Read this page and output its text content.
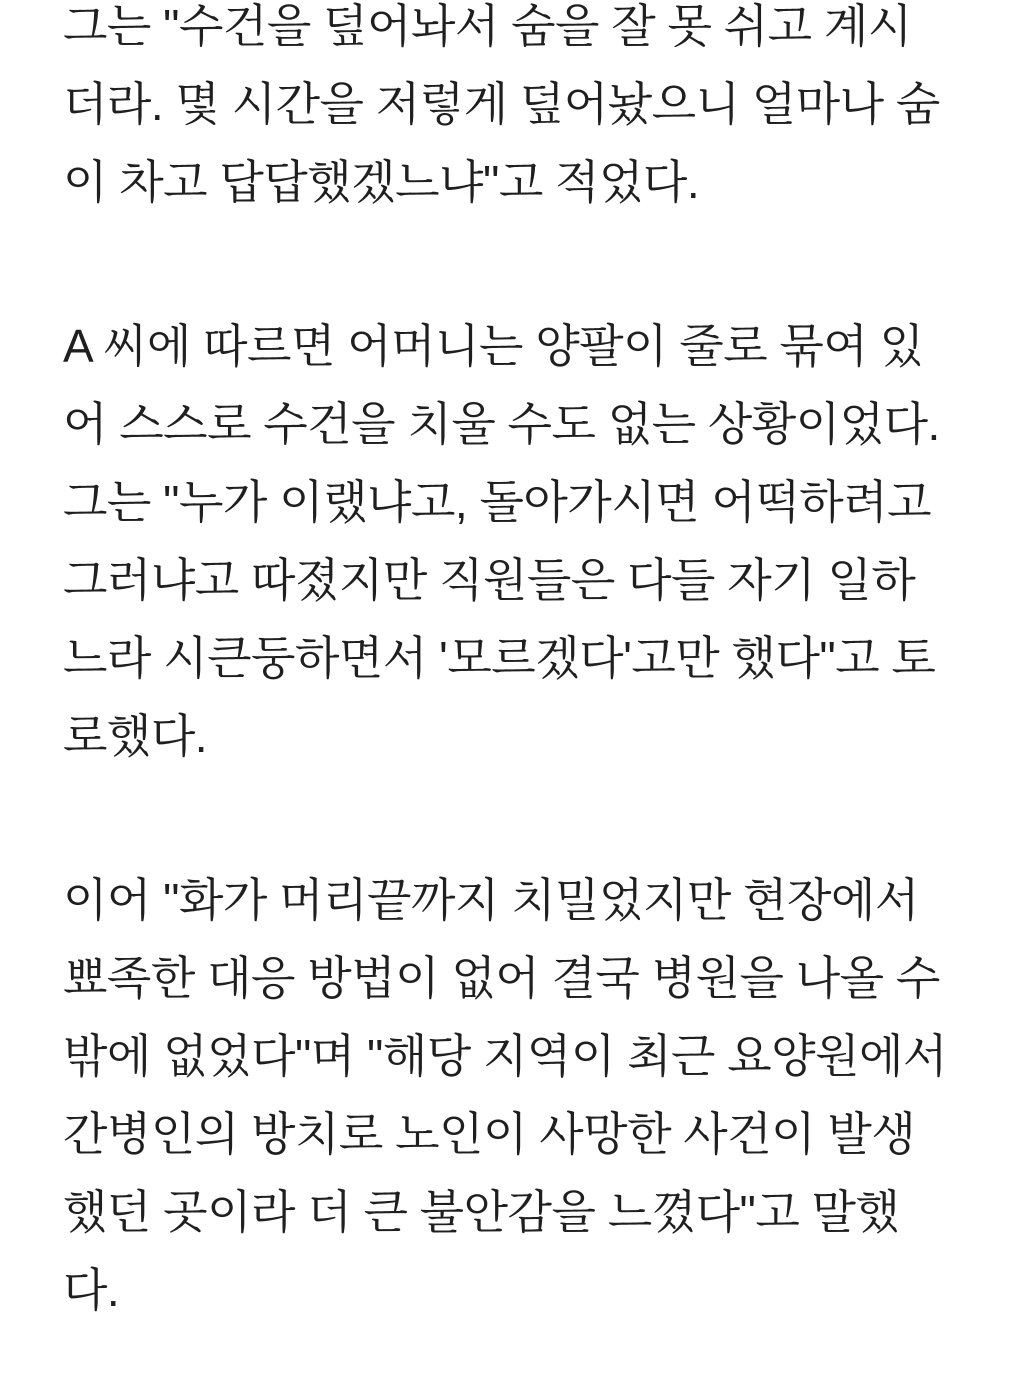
그는 "수건을 덮어놔서 숨을 잘 못 쉬고 계시
더라. 몇 시간을 저렇게 덮어놨으니 얼마나 숨
이 차고 답답했겠느냐"고 적었다.

A 씨에 따르면 어머니는 양팔이 줄로 묶여 있
어 스스로 수건을 치울 수도 없는 상황이었다.
그는 "누가 이랬냐고, 돌아가시면 어떡하려고
그러냐고 따졌지만 직원들은 다들 자기 일하
느라 시큰둥하면서 '모르겠다'고만 했다"고 토
로했다.

이어 "화가 머리끝까지 치밀었지만 현장에서
뾰족한 대응 방법이 없어 결국 병원을 나올 수
밖에 없었다"며 "해당 지역이 최근 요양원에서
간병인의 방치로 노인이 사망한 사건이 발생
했던 곳이라 더 큰 불안감을 느꼈다"고 말했
다.
